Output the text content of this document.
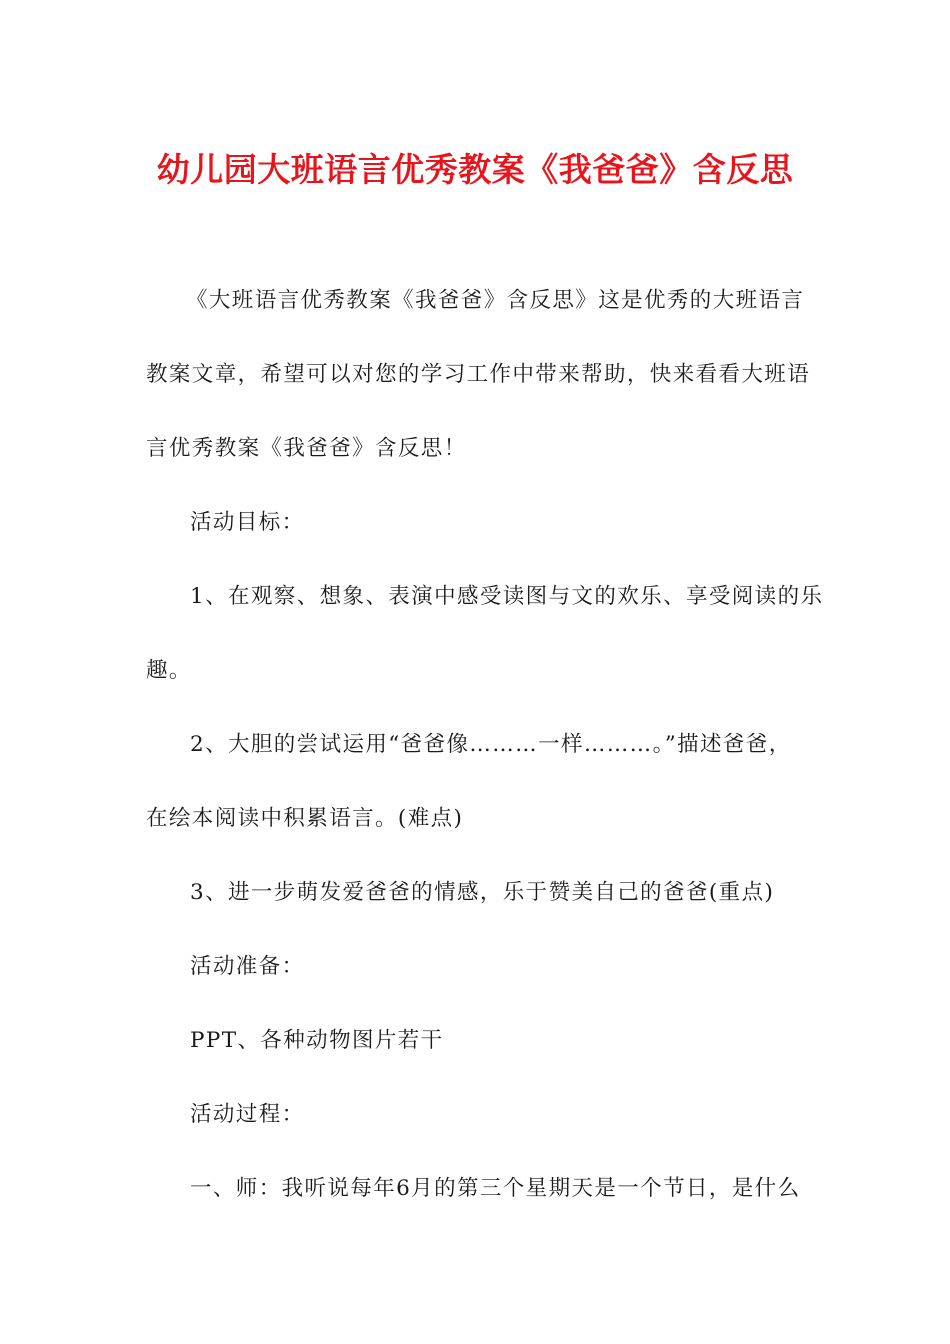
幼儿园大班语言优秀教案《我爸爸》含反思
《大班语言优秀教案《我爸爸》含反思》这是优秀的大班语言
教案文章，希望可以对您的学习工作中带来帮助，快来看看大班语
言优秀教案《我爸爸》含反思！
活动目标：
1、在观察、想象、表演中感受读图与文的欢乐、享受阅读的乐
趣。
2、大胆的尝试运用“爸爸像………一样………。”描述爸爸，
在绘本阅读中积累语言。(难点)
3、进一步萌发爱爸爸的情感，乐于赞美自己的爸爸(重点)
活动准备：
PPT、各种动物图片若干
活动过程：
一、师：我听说每年6月的第三个星期天是一个节日，是什么
